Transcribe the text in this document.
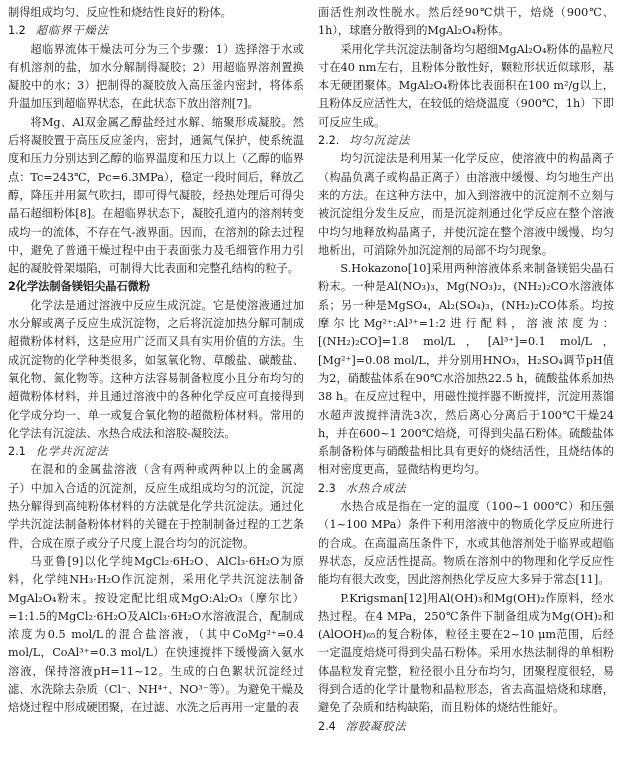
制得组成均匀、反应性和烧结性良好的粉体。

1.2 超临界干燥法

超临界流体干燥法可分为三个步骤：1）选择溶于水或有机溶剂的盐，加水分解制得凝胶；2）用超临界溶剂置换凝胶中的水；3）把制得的凝胶放入高压釜内密封，将体系升温加压到超临界状态，在此状态下放出溶剂[7]。

将Mg、Al双金属乙醇盐经过水解、缩聚形成凝胶。然后将凝胶置于高压反应釜内，密封，通氮气保护，使系统温度和压力分别达到乙醇的临界温度和压力以上（乙醇的临界点：Tc=243℃，Pc=6.3MPa），稳定一段时间后，释放乙醇，降压并用氮气吹扫，即可得气凝胶，经热处理后可得尖晶石超细粉体[8]。在超临界状态下，凝胶孔道内的溶剂转变成均一的流体，不存在气-液界面。因而，在溶剂的除去过程中，避免了普通干燥过程中由于表面张力及毛细管作用力引起的凝胶骨架塌陷，可制得大比表面和完整孔结构的粒子。

2化学法制备镁铝尖晶石微粉

化学法是通过溶液中反应生成沉淀。它是使溶液通过加水分解或离子反应生成沉淀物，之后将沉淀加热分解可制成超微粉体材料，这是应用广泛而又具有实用价值的方法。生成沉淀物的化学种类很多，如氢氧化物、草酸盐、碳酸盐、氧化物、氮化物等。这种方法容易制备粒度小且分布均匀的超微粉体材料，并且通过溶液中的各种化学反应可直接得到化学成分均一、单一或复合氧化物的超微粉体材料。常用的化学法有沉淀法、水热合成法和溶胶-凝胶法。

2.1 化学共沉淀法

在混和的金属盐溶液（含有两种或两种以上的金属离子）中加入合适的沉淀剂，反应生成组成均匀的沉淀，沉淀热分解得到高纯粉体材料的方法就是化学共沉淀法。通过化学共沉淀法制备粉体材料的关键在于控制制备过程的工艺条件，合成在原子或分子尺度上混合均匀的沉淀物。

马亚鲁[9]以化学纯MgCl₂·6H₂O、AlCl₃·6H₂O为原料，化学纯NH₃·H₂O作沉淀剂，采用化学共沉淀法制备MgAl₂O₄粉末。按设定配比组成MgO:Al₂O₃（摩尔比）=1:1.5的MgCl₂·6H₂O及AlCl₃·6H₂O水溶液混合，配制成浓度为0.5 mol/L的混合盐溶液，（其中CoMg²⁺=0.4 mol/L，CoAl³⁺=0.3 mol/L）在快速搅拌下缓慢滴入氨水溶液，保持溶液pH=11~12。生成的白色絮状沉淀经过滤、水洗除去杂质（Cl⁻、NH⁴⁺、NO³⁻等）。为避免干燥及焙烧过程中形成硬团聚，在过滤、水洗之后再用一定量的表

面活性剂改性脱水。然后经90℃烘干，焙烧（900℃、1h），球磨分散得到的MgAl₂O₄粉体。

采用化学共沉淀法制备均匀超细MgAl₂O₄粉体的晶粒尺寸在40 nm左右，且粉体分散性好，颗粒形状近似球形，基本无硬团聚体。MgAl₂O₄粉体比表面积在100 m²/g以上，且粉体反应活性大，在较低的焙烧温度（900℃，1h）下即可反应生成。

2.2. 均匀沉淀法

均匀沉淀法是利用某一化学反应，使溶液中的构晶离子（构晶负离子或构晶正离子）由溶液中缓慢、均匀地生产出来的方法。在这种方法中，加入到溶液中的沉淀剂不立刻与被沉淀组分发生反应，而是沉淀剂通过化学反应在整个溶液中均匀地释放构晶离子，并使沉淀在整个溶液中缓慢、均匀地析出，可消除外加沉淀剂的局部不均匀现象。

S.Hokazono[10]采用两种溶液体系来制备镁铝尖晶石粉末。一种是Al(NO₃)₃，Mg(NO₃)₂，(NH₂)₂CO水溶液体系；另一种是MgSO₄，Al₂(SO₄)₃，(NH₂)₂CO体系。均按摩尔比Mg²⁺:Al³⁺=1:2进行配料，溶液浓度为：[(NH₂)₂CO]=1.8 mol/L，[Al³⁺]=0.1 mol/L，[Mg²⁺]=0.08 mol/L，并分别用HNO₃，H₂SO₄调节pH值为2，硝酸盐体系在90℃水浴加热22.5 h，硫酸盐体系加热38 h。在反应过程中，用磁性搅拌器不断搅拌，沉淀用蒸馏水超声波搅拌清洗3次，然后离心分离后于100℃干燥24 h，并在600~1 200℃焙烧，可得到尖晶石粉体。硫酸盐体系制备粉体与硝酸盐相比具有更好的烧结活性，且烧结体的相对密度更高，显微结构更均匀。

2.3 水热合成法

水热合成是指在一定的温度（100~1 000℃）和压强（1~100 MPa）条件下利用溶液中的物质化学反应所进行的合成。在高温高压条件下，水或其他溶剂处于临界或超临界状态，反应活性提高。物质在溶剂中的物理和化学反应性能均有很大改变，因此溶剂热化学反应大多异于常态[11]。

P.Krigsman[12]用Al(OH)₃和Mg(OH)₂作原料，经水热过程。在4 MPa，250℃条件下制备组成为Mg(OH)₂和(AlOOH)₆₅的复合粉体，粒径主要在2~10 μm范围，后经一定温度焙烧可得到尖晶石粉体。采用水热法制得的单相粉体晶粒发育完整，粒径很小且分布均匀，团聚程度很轻，易得到合适的化学计量物和晶粒形态，省去高温焙烧和球磨，避免了杂质和结构缺陷，而且粉体的烧结性能好。

2.4 溶胶凝胶法
